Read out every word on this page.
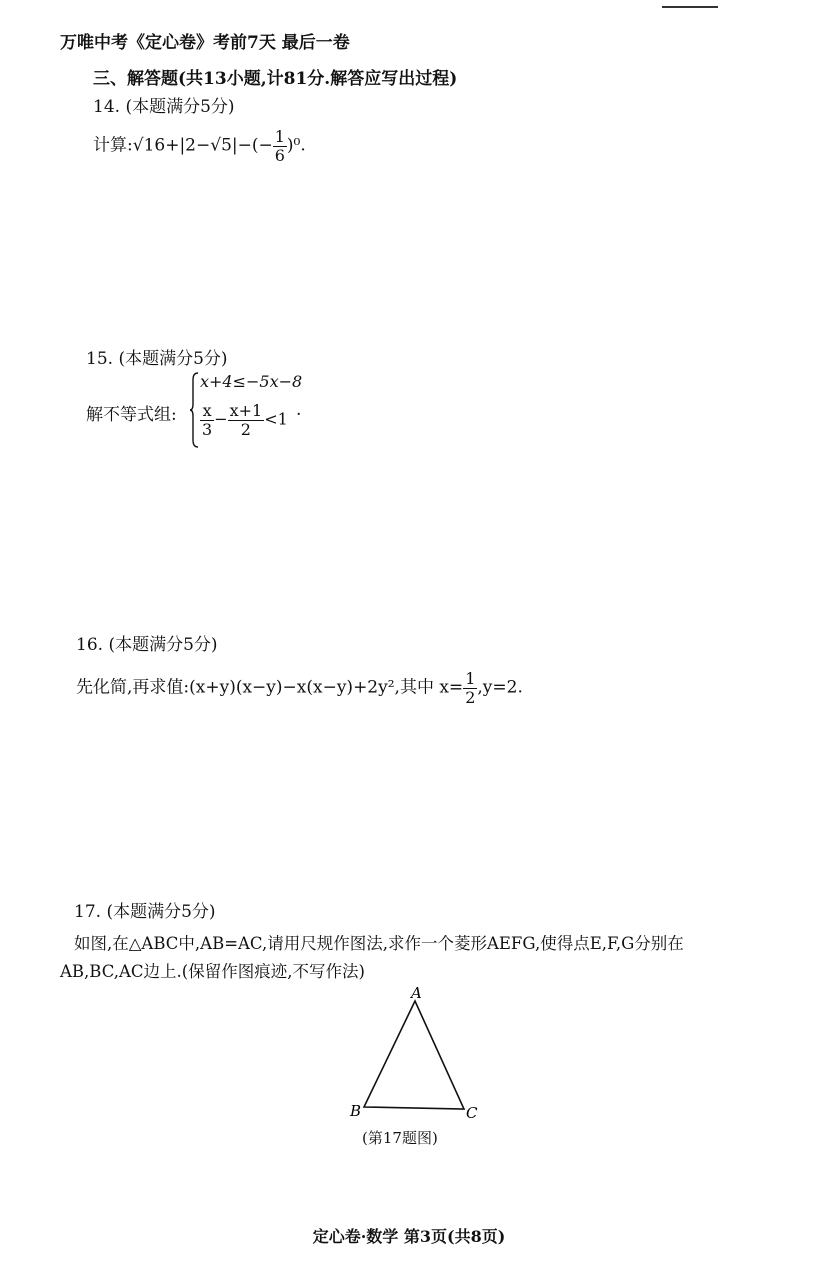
万唯中考《定心卷》考前7天 最后一卷
三、解答题(共13小题,计81分.解答应写出过程)
14. (本题满分5分)
计算:√16+|2−√5|−(− $\frac{1}{6} )^0$.
15. (本题满分5分)
解不等式组:
x+4≤−5x−8
$\frac{x}{3} - \frac{x+1}{2} <1$ .
16. (本题满分5分)
先化简,再求值:(x+y)(x−y)−x(x−y)+2y²,其中 $x= \frac{1}{2} ,y=2$.
17. (本题满分5分)
如图,在△ABC中,AB=AC,请用尺规作图法,求作一个菱形AEFG,使得点E,F,G分别在
AB,BC,AC边上.(保留作图痕迹,不写作法)
A
B	C
(第17题图)
定心卷·数学 第3页(共8页)
